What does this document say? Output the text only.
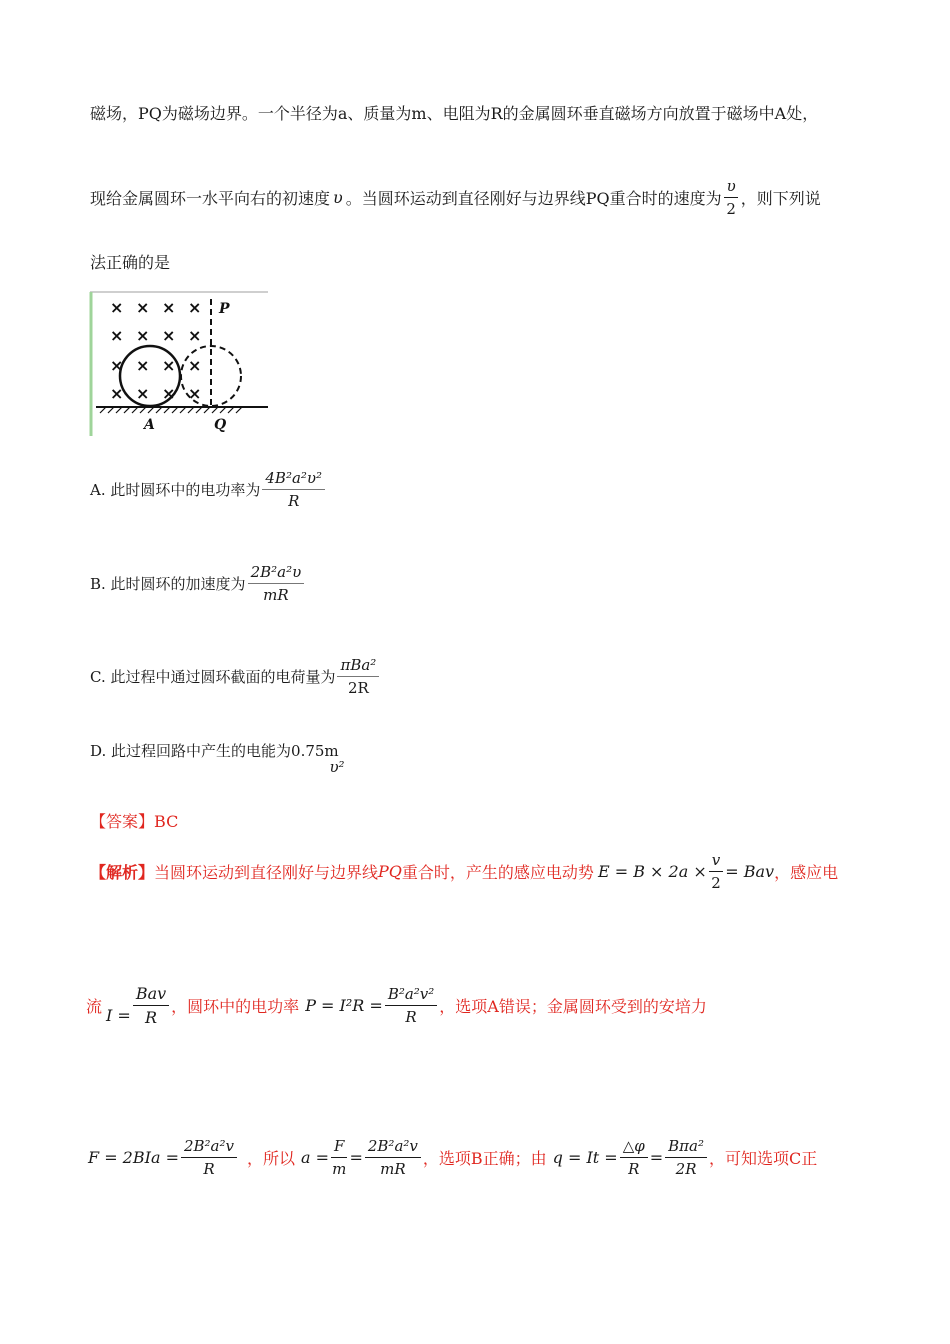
磁场，PQ为磁场边界。一个半径为a、质量为m、电阻为R的金属圆环垂直磁场方向放置于磁场中A处，
现给金属圆环一水平向右的初速度 υ 。当圆环运动到直径刚好与边界线PQ重合时的速度为 $\frac{\upsilon}{2}$ ，则下列说
法正确的是
× × × ×
× × × ×
× × × ×
× × × ×
P
A	Q
A. 此时圆环中的电功率为 $\frac{\text{4B²a²υ²}}{R}$
B. 此时圆环的加速度为 $\frac{\text{2B²a²υ}}{mR}$
C. 此过程中通过圆环截面的电荷量为 $\frac{\text{πBa²}}{2R}$
D. 此过程回路中产生的电能为0.75m υ²
【答案】BC
【解析】 当圆环运动到直径刚好与边界线 PQ 重合时，产生的感应电动势 $E = B \times 2a \times \frac{v}{2}$ = Bav ，感应电
流 $I = \frac{\text{Bav}}{R}$ ，圆环中的电功率 $P = I^2R = \frac{\text{B²a²v²}}{R}$ ，选项A错误；金属圆环受到的安培力
$F = 2BIa = \frac{\text{2B²a²v}}{R}$ ，所以 $a = \frac{F}{m} = \frac{\text{2B²a²v}}{mR}$ ，选项B正确；由 $q = It = \frac{\triangle\varphi}{R} = \frac{\text{Bπa²}}{2R}$ ，可知选项C正
